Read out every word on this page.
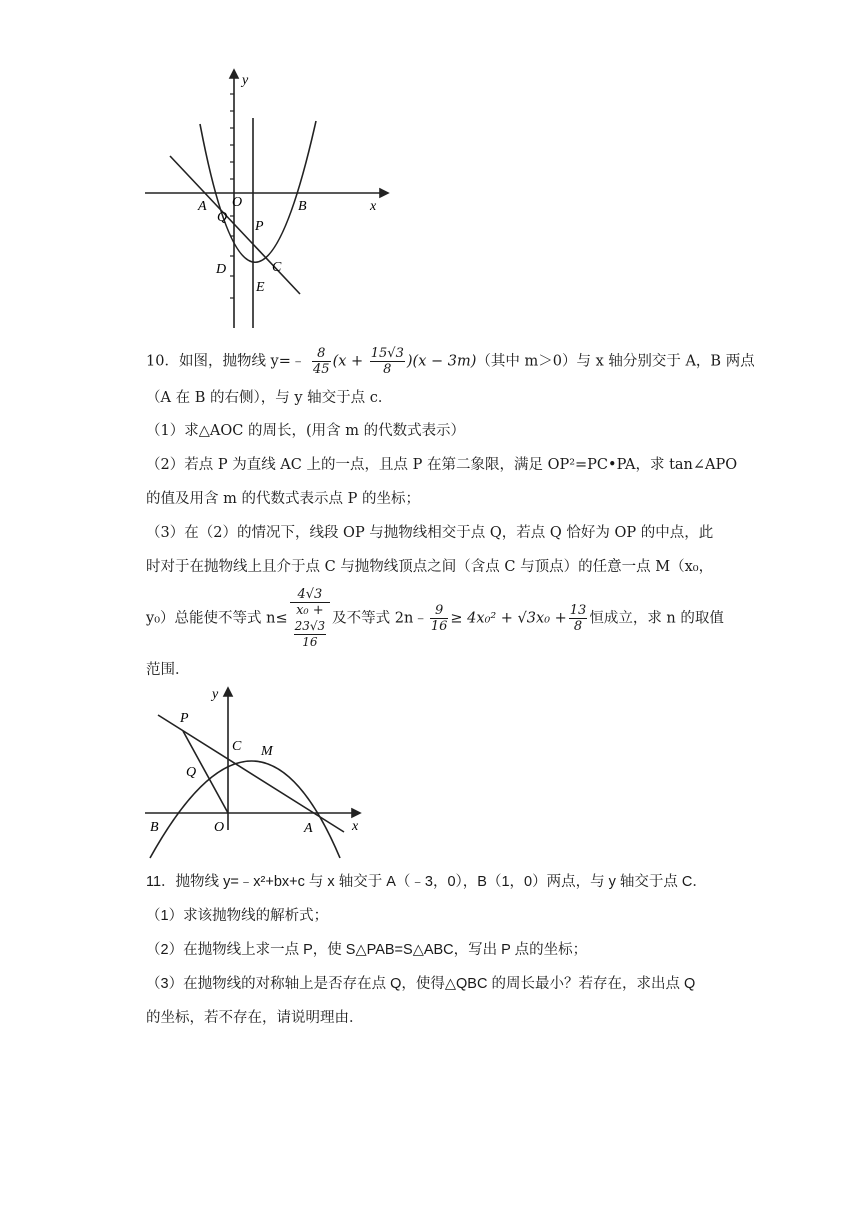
y
x
A O	B
Q
P
C
D
E
10．如图，抛物线 y=﹣ $\frac{8}{45} (x + \frac{15√3}{8} )(x - 3m)$（其中 m＞0）与 x 轴分别交于 A，B 两点
（A 在 B 的右侧），与 y 轴交于点 c．
（1）求△AOC 的周长，(用含 m 的代数式表示）
（2）若点 P 为直线 AC 上的一点，且点 P 在第二象限，满足 OP²=PC•PA，求 tan∠APO
的值及用含 m 的代数式表示点 P 的坐标；
（3）在（2）的情况下，线段 OP 与抛物线相交于点 Q，若点 Q 恰好为 OP 的中点，此
时对于在抛物线上且介于点 C 与抛物线顶点之间（含点 C 与顶点）的任意一点 M（x₀，
y₀）总能使不等式 n≤ 4√3
x₀ +
23√3
16 及不等式 2n﹣ $\frac{9}{16} \ge 4x_0^2 + √3x_0 + \frac{13}{8}$ 恒成立，求 n 的取值
范围．
y
x
P
C M
Q
B	O	A
11．抛物线 y=﹣x²+bx+c 与 x 轴交于 A（﹣3，0），B（1，0）两点，与 y 轴交于点 C．
（1）求该抛物线的解析式；
（2）在抛物线上求一点 P，使 S△PAB=S△ABC，写出 P 点的坐标；
（3）在抛物线的对称轴上是否存在点 Q，使得△QBC 的周长最小？若存在，求出点 Q
的坐标，若不存在，请说明理由．
